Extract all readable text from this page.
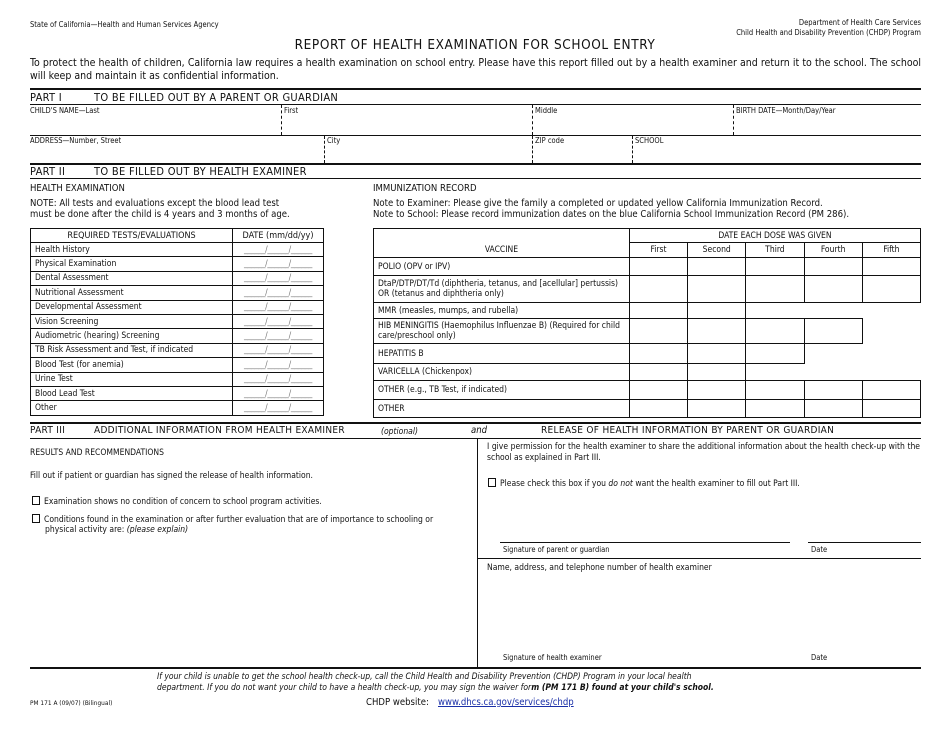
State of California—Health and Human Services Agency	Department of Health Care Services
Child Health and Disability Prevention (CHDP) Program
REPORT OF HEALTH EXAMINATION FOR SCHOOL ENTRY
To protect the health of children, California law requires a health examination on school entry. Please have this report filled out by a health examiner and return it to the school. The school will keep and maintain it as confidential information.
PART I	TO BE FILLED OUT BY A PARENT OR GUARDIAN
CHILD'S NAME—Last	First	Middle	BIRTH DATE—Month/Day/Year
ADDRESS—Number, Street	City	ZIP code	SCHOOL
PART II	TO BE FILLED OUT BY HEALTH EXAMINER
HEALTH EXAMINATION
NOTE: All tests and evaluations except the blood lead test
must be done after the child is 4 years and 3 months of age.
IMMUNIZATION RECORD
Note to Examiner: Please give the family a completed or updated yellow California Immunization Record.
Note to School: Please record immunization dates on the blue California School Immunization Record (PM 286).
REQUIRED TESTS/EVALUATIONS	DATE (mm/dd/yy)
Health History	______/______/______
Physical Examination	______/______/______
Dental Assessment	______/______/______
Nutritional Assessment	______/______/______
Developmental Assessment	______/______/______
Vision Screening	______/______/______
Audiometric (hearing) Screening	______/______/______
TB Risk Assessment and Test, if indicated	______/______/______
Blood Test (for anemia)	______/______/______
Urine Test	______/______/______
Blood Lead Test	______/______/______
Other	______/______/______
	DATE EACH DOSE WAS GIVEN				
VACCINE	First	Second	Third	Fourth	Fifth
POLIO (OPV or IPV)					
DtaP/DTP/DT/Td (diphtheria, tetanus, and [acellular] pertussis) OR (tetanus and diphtheria only)					
MMR (measles, mumps, and rubella)					
HIB MENINGITIS (Haemophilus Influenzae B) (Required for child care/preschool only)					
HEPATITIS B					
VARICELLA (Chickenpox)					
OTHER (e.g., TB Test, if indicated)					
OTHER					
PART III	ADDITIONAL INFORMATION FROM HEALTH EXAMINER	(optional)	and	RELEASE OF HEALTH INFORMATION BY PARENT OR GUARDIAN
RESULTS AND RECOMMENDATIONS
Fill out if patient or guardian has signed the release of health information.
Examination shows no condition of concern to school program activities.
Conditions found in the examination or after further evaluation that are of importance to schooling or
physical activity are: (please explain)
I give permission for the health examiner to share the additional information about the health check-up with the school as explained in Part III.
Please check this box if you do not want the health examiner to fill out Part III.
Signature of parent or guardian	Date
Name, address, and telephone number of health examiner
Signature of health examiner	Date
If your child is unable to get the school health check-up, call the Child Health and Disability Prevention (CHDP) Program in your local health
department. If you do not want your child to have a health check-up, you may sign the waiver form (PM 171 B) found at your child's school.
PM 171 A (09/07) (Bilingual)	CHDP website: www.dhcs.ca.gov/services/chdp
